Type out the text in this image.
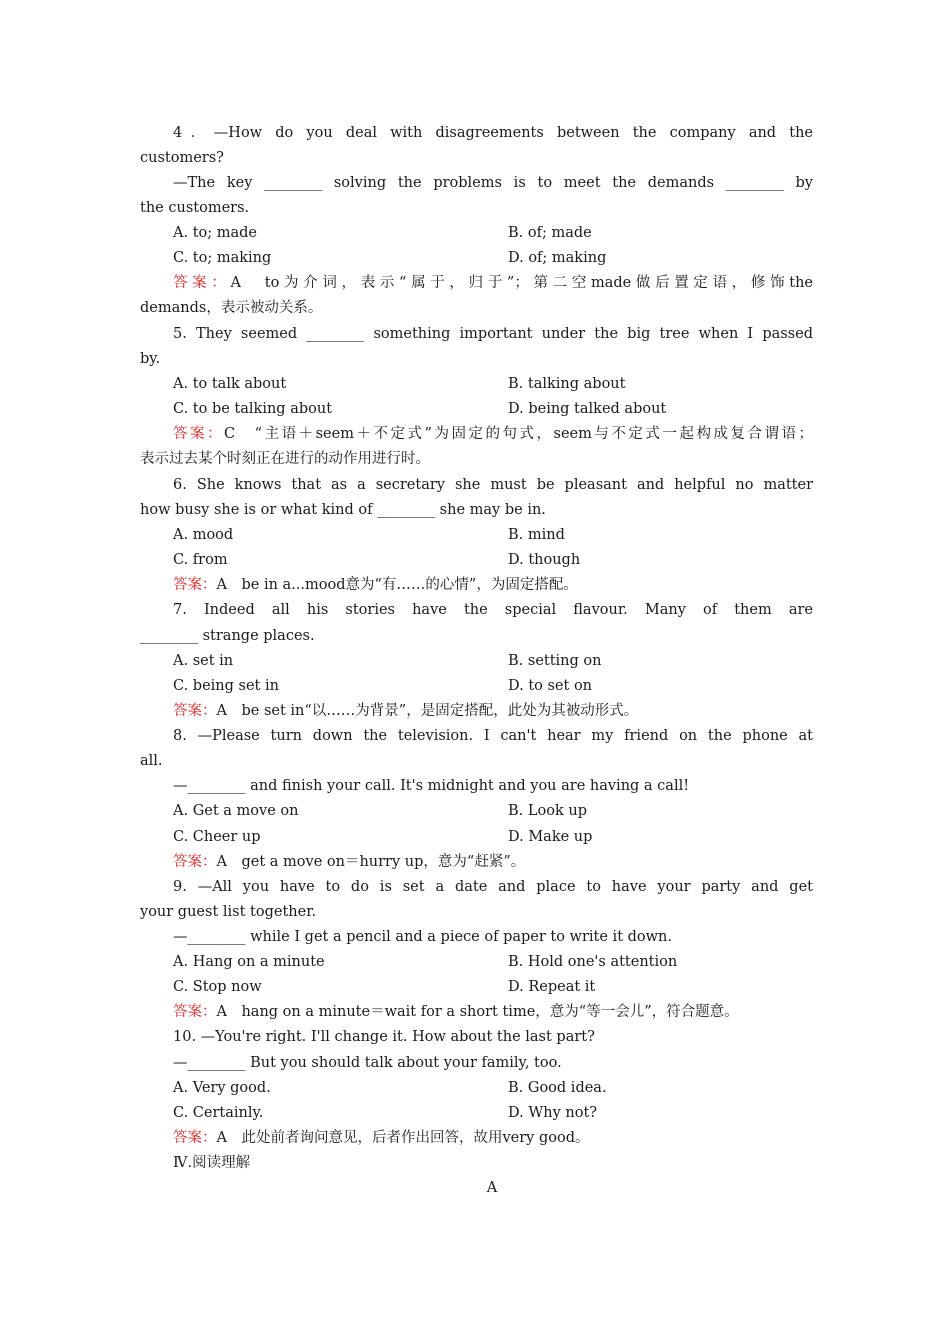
4．—How do you deal with disagreements between the company and the
customers?
—The key ________ solving the problems is to meet the demands ________ by
the customers.
A. to; made	B. of; made
C. to; making	D. of; making
答案：A　to为介词，表示“属于，归于”；第二空made做后置定语，修饰the
demands，表示被动关系。
5. They seemed ________ something important under the big tree when I passed
by.
A. to talk about	B. talking about
C. to be talking about	D. being talked about
答案：C　“主语＋seem＋不定式”为固定的句式，seem与不定式一起构成复合谓语；
表示过去某个时刻正在进行的动作用进行时。
6. She knows that as a secretary she must be pleasant and helpful no matter
how busy she is or what kind of ________ she may be in.
A. mood	B. mind
C. from	D. though
答案：A　be in a...mood意为“有……的心情”，为固定搭配。
7. Indeed all his stories have the special flavour. Many of them are
________ strange places.
A. set in	B. setting on
C. being set in	D. to set on
答案：A　be set in“以……为背景”，是固定搭配，此处为其被动形式。
8. —Please turn down the television. I can't hear my friend on the phone at
all.
—________ and finish your call. It's midnight and you are having a call!
A. Get a move on	B. Look up
C. Cheer up	D. Make up
答案：A　get a move on＝hurry up，意为“赶紧”。
9. —All you have to do is set a date and place to have your party and get
your guest list together.
—________ while I get a pencil and a piece of paper to write it down.
A. Hang on a minute	B. Hold one's attention
C. Stop now	D. Repeat it
答案：A　hang on a minute＝wait for a short time，意为“等一会儿”，符合题意。
10. —You're right. I'll change it. How about the last part?
—________ But you should talk about your family, too.
A. Very good.	B. Good idea.
C. Certainly.	D. Why not?
答案：A　此处前者询问意见，后者作出回答，故用very good。
Ⅳ.阅读理解
A
